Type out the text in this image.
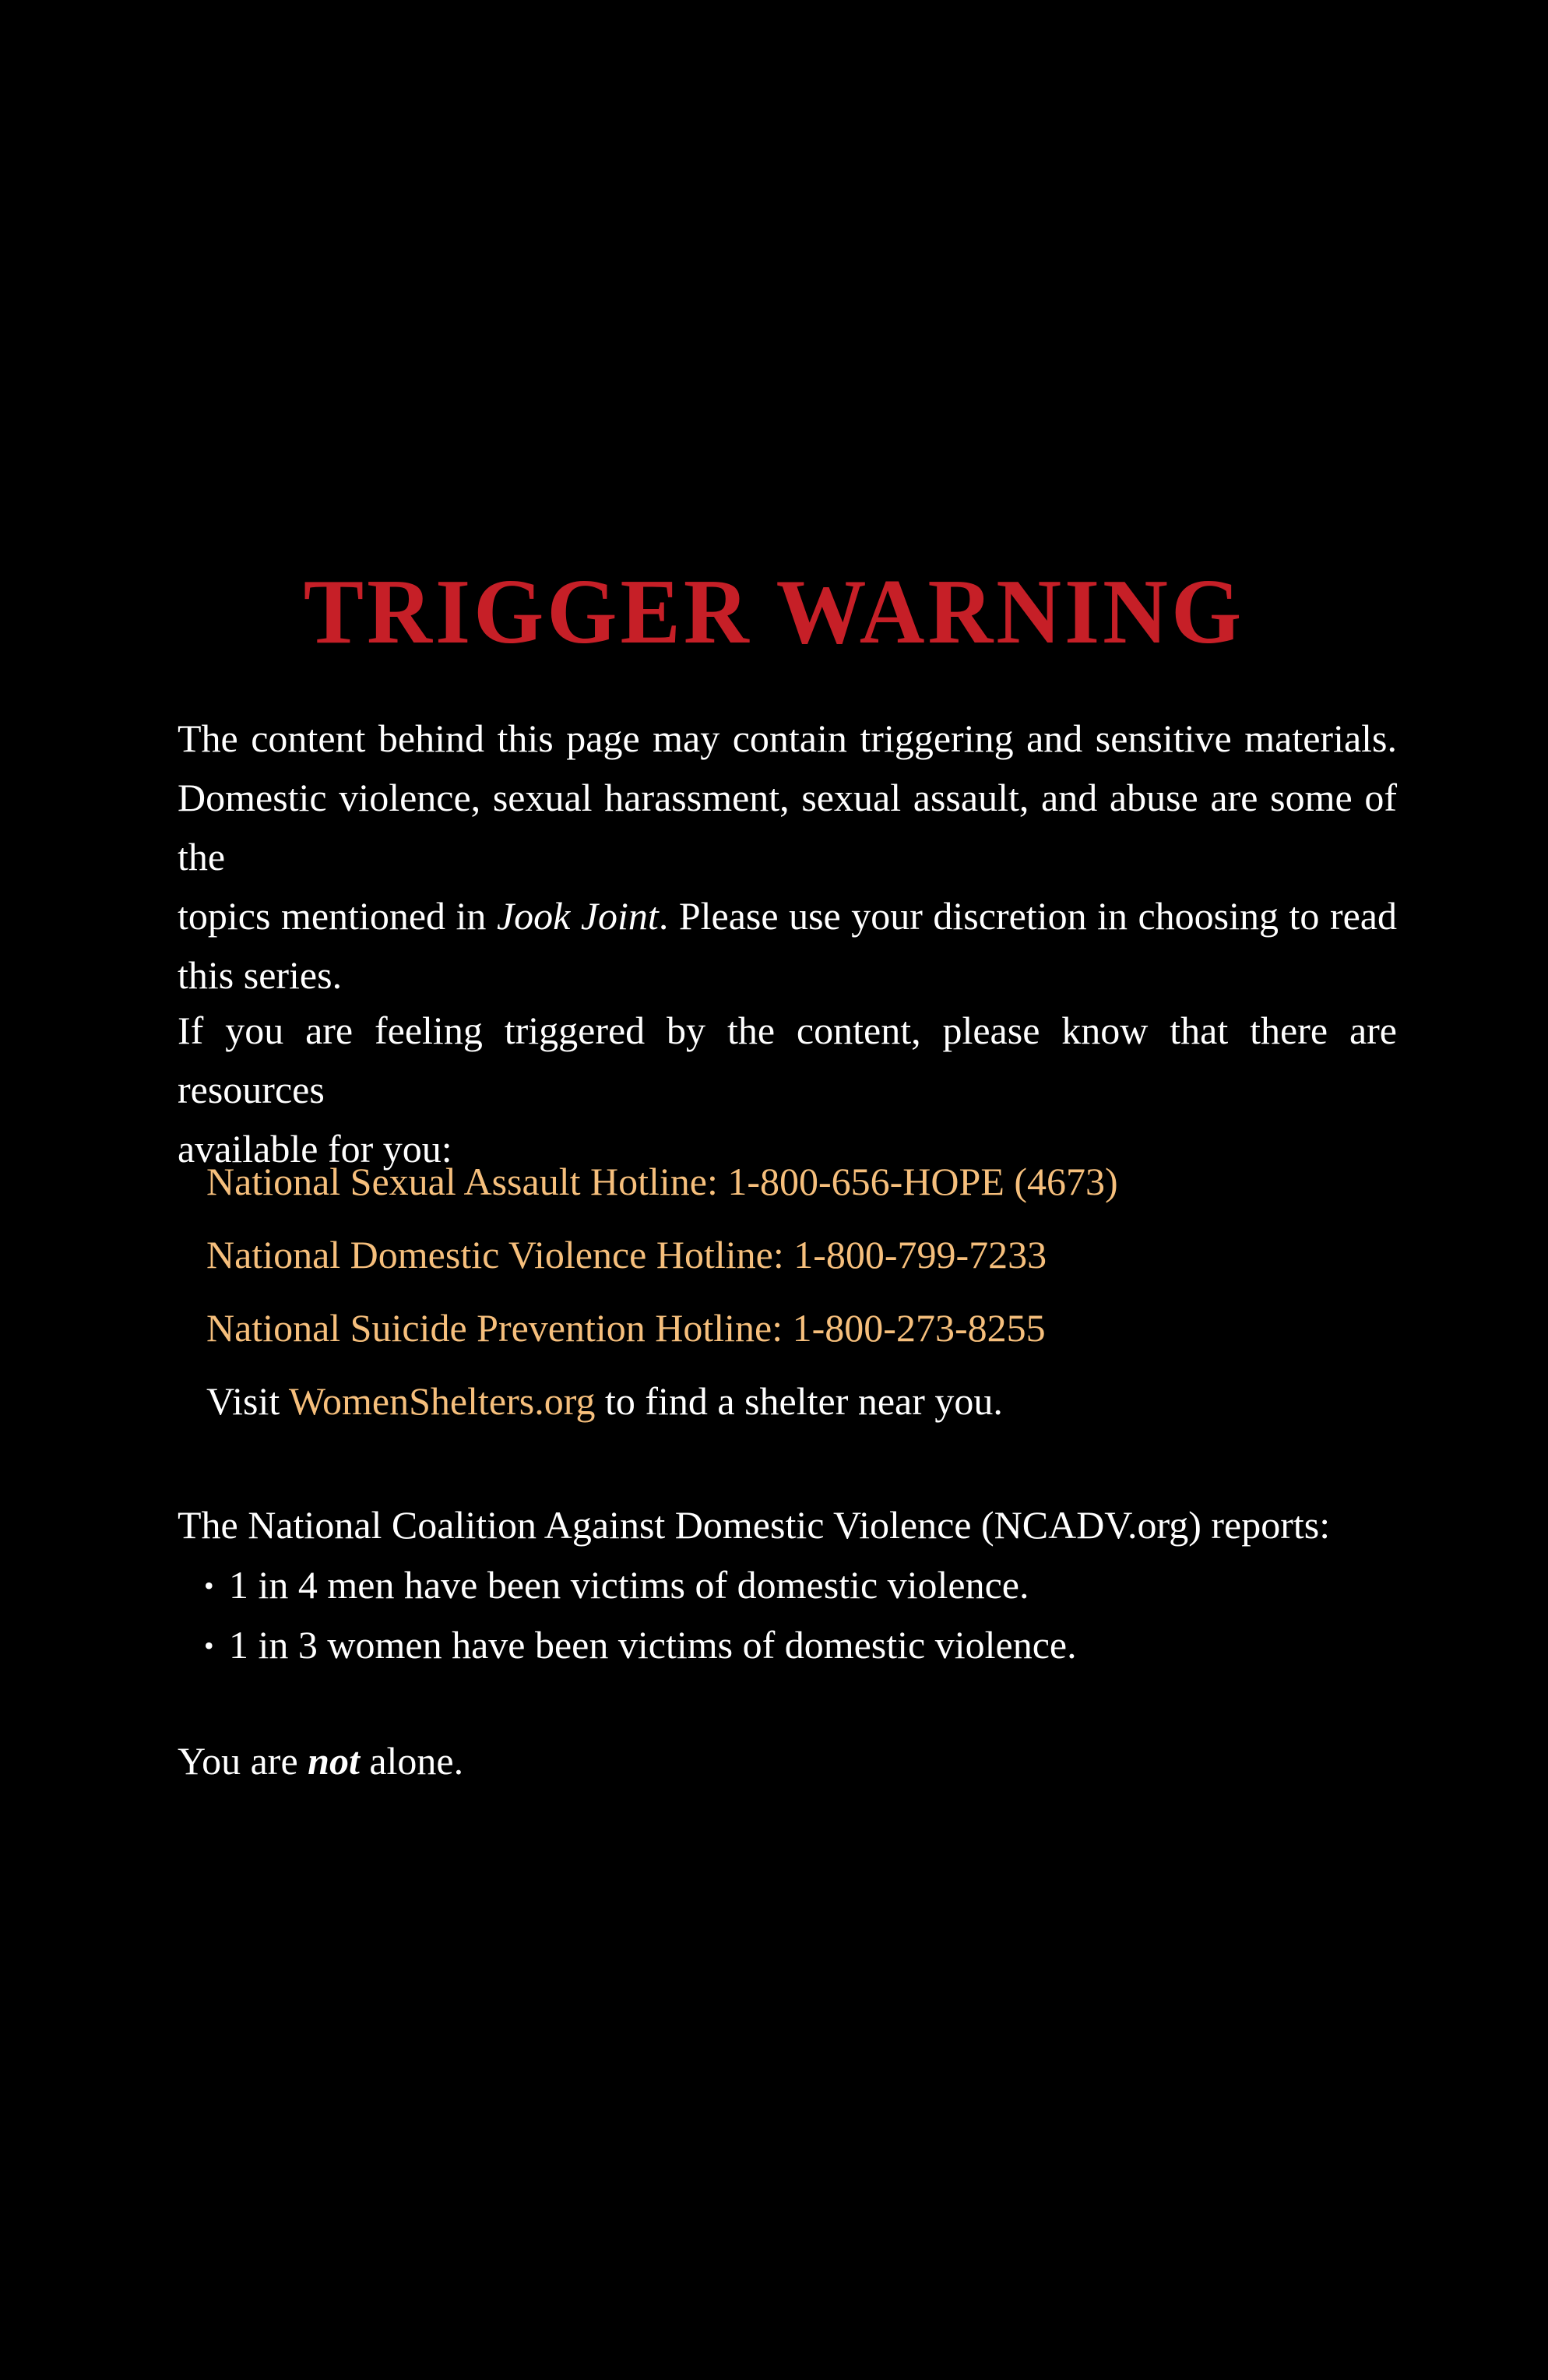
TRIGGER WARNING
The content behind this page may contain triggering and sensitive materials.
Domestic violence, sexual harassment, sexual assault, and abuse are some of the
topics mentioned in Jook Joint. Please use your discretion in choosing to read
this series.
If you are feeling triggered by the content, please know that there are resources
available for you:
National Sexual Assault Hotline: 1-800-656-HOPE (4673)
National Domestic Violence Hotline: 1-800-799-7233
National Suicide Prevention Hotline: 1-800-273-8255
Visit WomenShelters.org to find a shelter near you.
The National Coalition Against Domestic Violence (NCADV.org) reports:
• 1 in 4 men have been victims of domestic violence.
• 1 in 3 women have been victims of domestic violence.
You are not alone.
